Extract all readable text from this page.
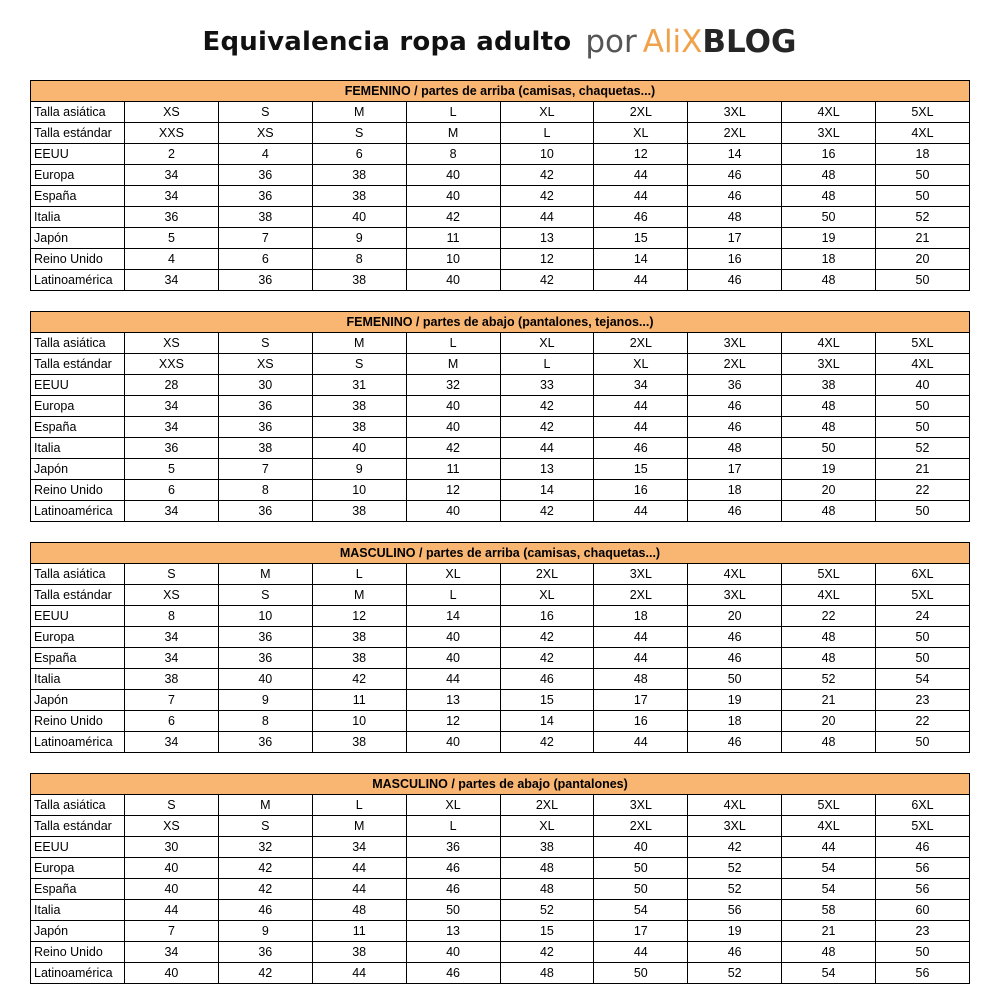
Equivalencia ropa adulto por AliX BLOG
FEMENINO / partes de arriba (camisas, chaquetas...)									
Talla asiática	XS	S	M	L	XL	2XL	3XL	4XL	5XL
Talla estándar	XXS	XS	S	M	L	XL	2XL	3XL	4XL
EEUU	2	4	6	8	10	12	14	16	18
Europa	34	36	38	40	42	44	46	48	50
España	34	36	38	40	42	44	46	48	50
Italia	36	38	40	42	44	46	48	50	52
Japón	5	7	9	11	13	15	17	19	21
Reino Unido	4	6	8	10	12	14	16	18	20
Latinoamérica	34	36	38	40	42	44	46	48	50
FEMENINO / partes de abajo (pantalones, tejanos...)									
Talla asiática	XS	S	M	L	XL	2XL	3XL	4XL	5XL
Talla estándar	XXS	XS	S	M	L	XL	2XL	3XL	4XL
EEUU	28	30	31	32	33	34	36	38	40
Europa	34	36	38	40	42	44	46	48	50
España	34	36	38	40	42	44	46	48	50
Italia	36	38	40	42	44	46	48	50	52
Japón	5	7	9	11	13	15	17	19	21
Reino Unido	6	8	10	12	14	16	18	20	22
Latinoamérica	34	36	38	40	42	44	46	48	50
MASCULINO / partes de arriba (camisas, chaquetas...)									
Talla asiática	S	M	L	XL	2XL	3XL	4XL	5XL	6XL
Talla estándar	XS	S	M	L	XL	2XL	3XL	4XL	5XL
EEUU	8	10	12	14	16	18	20	22	24
Europa	34	36	38	40	42	44	46	48	50
España	34	36	38	40	42	44	46	48	50
Italia	38	40	42	44	46	48	50	52	54
Japón	7	9	11	13	15	17	19	21	23
Reino Unido	6	8	10	12	14	16	18	20	22
Latinoamérica	34	36	38	40	42	44	46	48	50
MASCULINO / partes de abajo (pantalones)									
Talla asiática	S	M	L	XL	2XL	3XL	4XL	5XL	6XL
Talla estándar	XS	S	M	L	XL	2XL	3XL	4XL	5XL
EEUU	30	32	34	36	38	40	42	44	46
Europa	40	42	44	46	48	50	52	54	56
España	40	42	44	46	48	50	52	54	56
Italia	44	46	48	50	52	54	56	58	60
Japón	7	9	11	13	15	17	19	21	23
Reino Unido	34	36	38	40	42	44	46	48	50
Latinoamérica	40	42	44	46	48	50	52	54	56
